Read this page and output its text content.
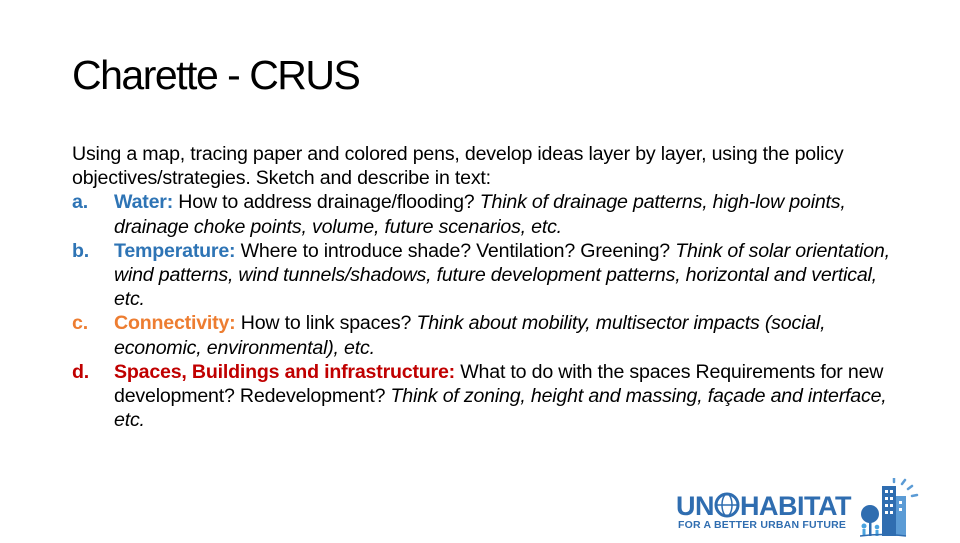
Charette - CRUS

Using a map, tracing paper and colored pens, develop ideas layer by layer, using the policy objectives/strategies. Sketch and describe in text:

a. Water: How to address drainage/flooding? Think of drainage patterns, high-low points, drainage choke points, volume, future scenarios, etc.
b. Temperature: Where to introduce shade? Ventilation? Greening? Think of solar orientation, wind patterns, wind tunnels/shadows, future development patterns, horizontal and vertical, etc.
c. Connectivity: How to link spaces? Think about mobility, multisector impacts (social, economic, environmental), etc.
d. Spaces, Buildings and infrastructure: What to do with the spaces Requirements for new development? Redevelopment? Think of zoning, height and massing, façade and interface, etc.
UN HABITAT
FOR A BETTER URBAN FUTURE
